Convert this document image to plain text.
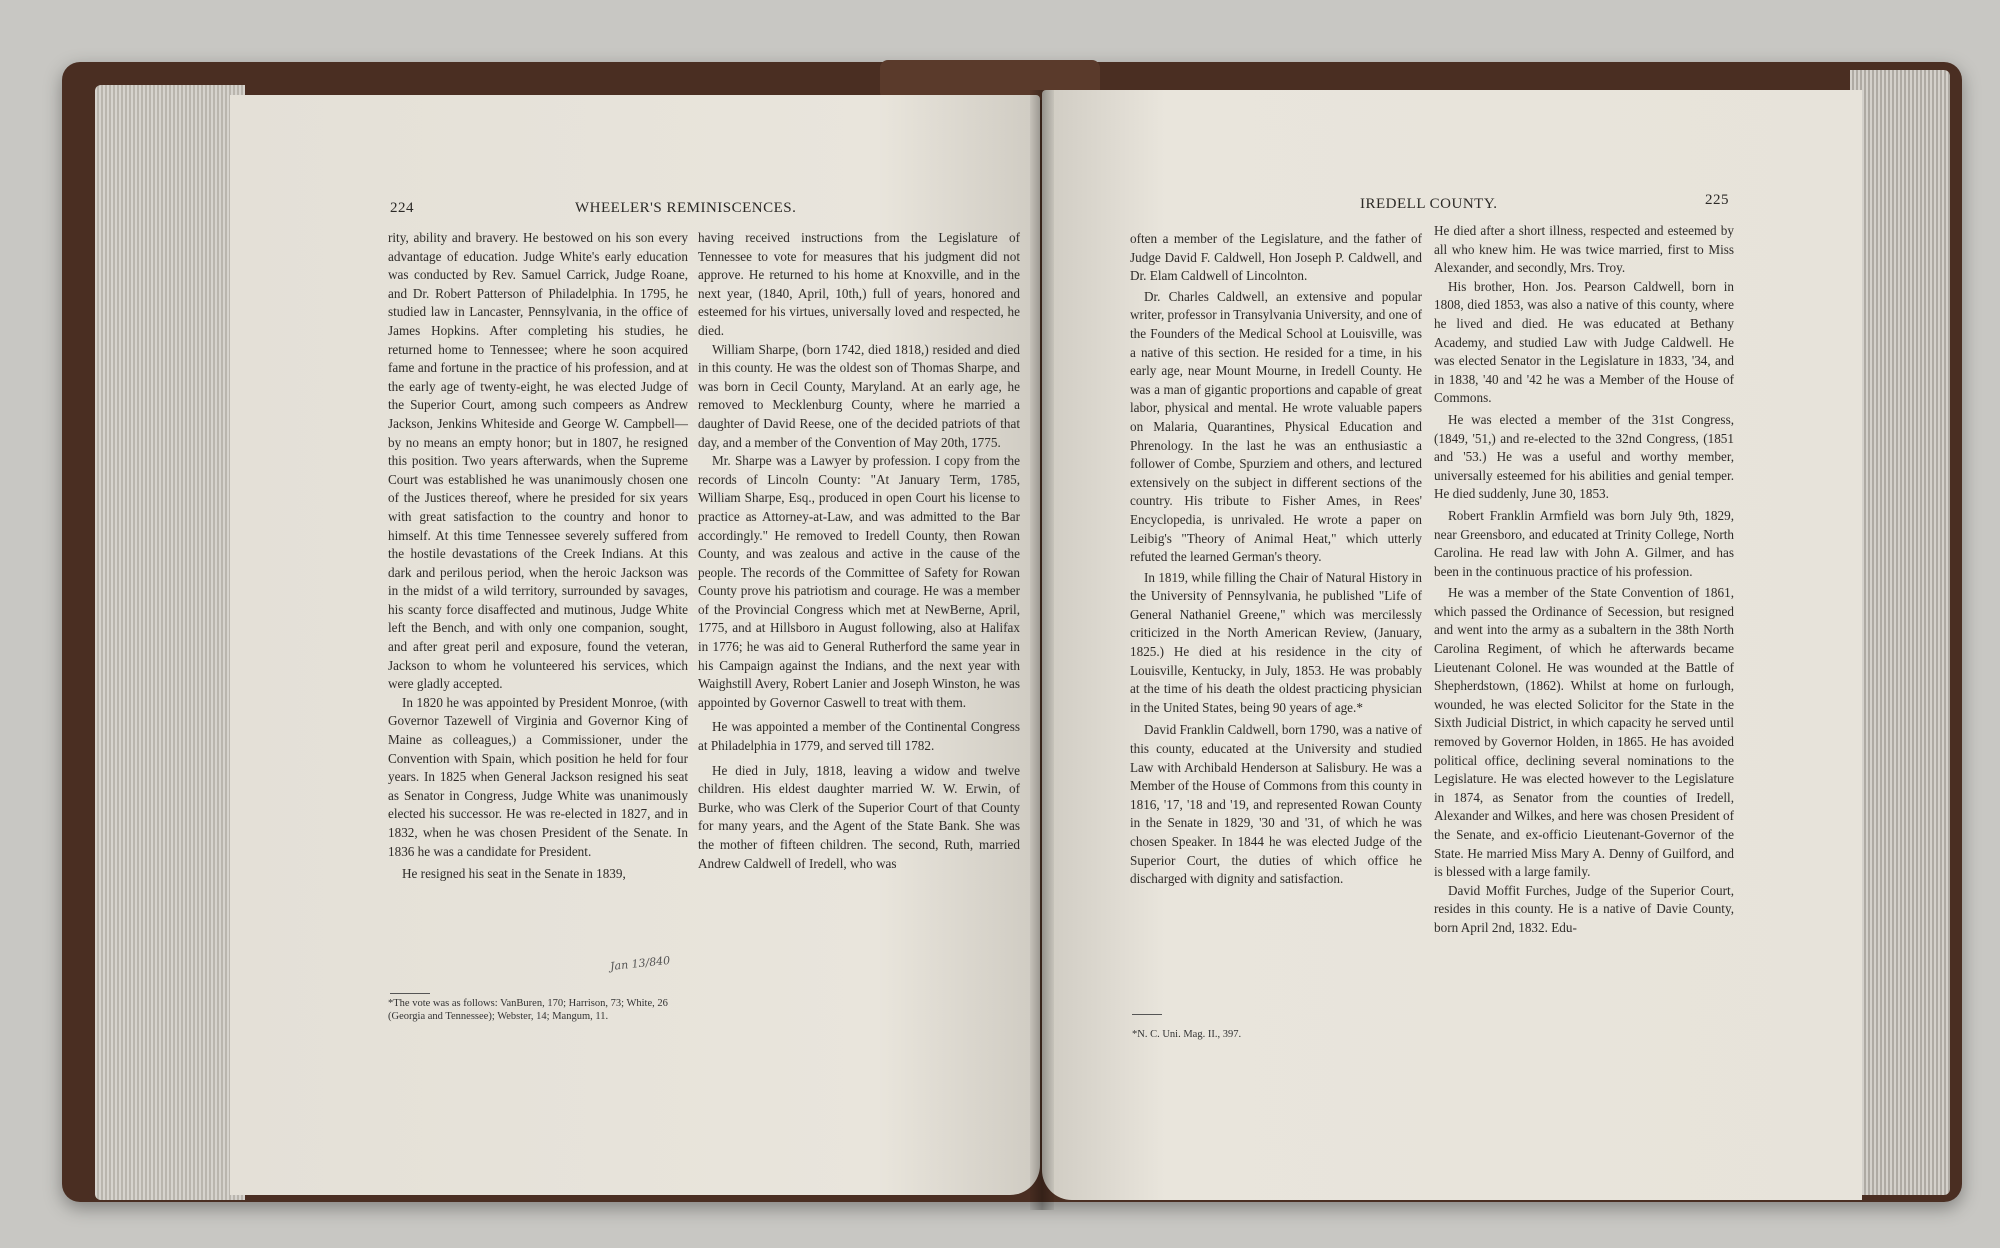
224	WHEELER'S REMINISCENCES.

rity, ability and bravery. He bestowed on his son every advantage of education. Judge White's early education was conducted by Rev. Samuel Carrick, Judge Roane, and Dr. Robert Patterson of Philadelphia. In 1795, he studied law in Lancaster, Pennsylvania, in the office of James Hopkins. After completing his studies, he returned home to Tennessee; where he soon acquired fame and fortune in the practice of his profession, and at the early age of twenty-eight, he was elected Judge of the Superior Court, among such compeers as Andrew Jackson, Jenkins Whiteside and George W. Campbell—by no means an empty honor; but in 1807, he resigned this position. Two years afterwards, when the Supreme Court was established he was unanimously chosen one of the Justices thereof, where he presided for six years with great satisfaction to the country and honor to himself. At this time Tennessee severely suffered from the hostile devastations of the Creek Indians. At this dark and perilous period, when the heroic Jackson was in the midst of a wild territory, surrounded by savages, his scanty force disaffected and mutinous, Judge White left the Bench, and with only one companion, sought, and after great peril and exposure, found the veteran, Jackson to whom he volunteered his services, which were gladly accepted.

In 1820 he was appointed by President Monroe, (with Governor Tazewell of Virginia and Governor King of Maine as colleagues,) a Commissioner, under the Convention with Spain, which position he held for four years. In 1825 when General Jackson resigned his seat as Senator in Congress, Judge White was unanimously elected his successor. He was re-elected in 1827, and in 1832, when he was chosen President of the Senate. In 1836 he was a candidate for President.

He resigned his seat in the Senate in 1839,

Jan 13/840
*The vote was as follows: VanBuren, 170; Harrison, 73; White, 26 (Georgia and Tennessee); Webster, 14; Mangum, 11.

having received instructions from the Legislature of Tennessee to vote for measures that his judgment did not approve. He returned to his home at Knoxville, and in the next year, (1840, April, 10th,) full of years, honored and esteemed for his virtues, universally loved and respected, he died.

William Sharpe, (born 1742, died 1818,) resided and died in this county. He was the oldest son of Thomas Sharpe, and was born in Cecil County, Maryland. At an early age, he removed to Mecklenburg County, where he married a daughter of David Reese, one of the decided patriots of that day, and a member of the Convention of May 20th, 1775.

Mr. Sharpe was a Lawyer by profession. I copy from the records of Lincoln County: "At January Term, 1785, William Sharpe, Esq., produced in open Court his license to practice as Attorney-at-Law, and was admitted to the Bar accordingly." He removed to Iredell County, then Rowan County, and was zealous and active in the cause of the people. The records of the Committee of Safety for Rowan County prove his patriotism and courage. He was a member of the Provincial Congress which met at NewBerne, April, 1775, and at Hillsboro in August following, also at Halifax in 1776; he was aid to General Rutherford the same year in his Campaign against the Indians, and the next year with Waighstill Avery, Robert Lanier and Joseph Winston, he was appointed by Governor Caswell to treat with them.

He was appointed a member of the Continental Congress at Philadelphia in 1779, and served till 1782.

He died in July, 1818, leaving a widow and twelve children. His eldest daughter married W. W. Erwin, of Burke, who was Clerk of the Superior Court of that County for many years, and the Agent of the State Bank. She was the mother of fifteen children. The second, Ruth, married Andrew Caldwell of Iredell, who was

IREDELL COUNTY.	225

often a member of the Legislature, and the father of Judge David F. Caldwell, Hon Joseph P. Caldwell, and Dr. Elam Caldwell of Lincolnton.

Dr. Charles Caldwell, an extensive and popular writer, professor in Transylvania University, and one of the Founders of the Medical School at Louisville, was a native of this section. He resided for a time, in his early age, near Mount Mourne, in Iredell County. He was a man of gigantic proportions and capable of great labor, physical and mental. He wrote valuable papers on Malaria, Quarantines, Physical Education and Phrenology. In the last he was an enthusiastic a follower of Combe, Spurziem and others, and lectured extensively on the subject in different sections of the country. His tribute to Fisher Ames, in Rees' Encyclopedia, is unrivaled. He wrote a paper on Leibig's "Theory of Animal Heat," which utterly refuted the learned German's theory.

In 1819, while filling the Chair of Natural History in the University of Pennsylvania, he published "Life of General Nathaniel Greene," which was mercilessly criticized in the North American Review, (January, 1825.) He died at his residence in the city of Louisville, Kentucky, in July, 1853. He was probably at the time of his death the oldest practicing physician in the United States, being 90 years of age.*

David Franklin Caldwell, born 1790, was a native of this county, educated at the University and studied Law with Archibald Henderson at Salisbury. He was a Member of the House of Commons from this county in 1816, '17, '18 and '19, and represented Rowan County in the Senate in 1829, '30 and '31, of which he was chosen Speaker. In 1844 he was elected Judge of the Superior Court, the duties of which office he discharged with dignity and satisfaction.

*N. C. Uni. Mag. II., 397.

He died after a short illness, respected and esteemed by all who knew him. He was twice married, first to Miss Alexander, and secondly, Mrs. Troy.

His brother, Hon. Jos. Pearson Caldwell, born in 1808, died 1853, was also a native of this county, where he lived and died. He was educated at Bethany Academy, and studied Law with Judge Caldwell. He was elected Senator in the Legislature in 1833, '34, and in 1838, '40 and '42 he was a Member of the House of Commons.

He was elected a member of the 31st Congress, (1849, '51,) and re-elected to the 32nd Congress, (1851 and '53.) He was a useful and worthy member, universally esteemed for his abilities and genial temper. He died suddenly, June 30, 1853.

Robert Franklin Armfield was born July 9th, 1829, near Greensboro, and educated at Trinity College, North Carolina. He read law with John A. Gilmer, and has been in the continuous practice of his profession.

He was a member of the State Convention of 1861, which passed the Ordinance of Secession, but resigned and went into the army as a subaltern in the 38th North Carolina Regiment, of which he afterwards became Lieutenant Colonel. He was wounded at the Battle of Shepherdstown, (1862). Whilst at home on furlough, wounded, he was elected Solicitor for the State in the Sixth Judicial District, in which capacity he served until removed by Governor Holden, in 1865. He has avoided political office, declining several nominations to the Legislature. He was elected however to the Legislature in 1874, as Senator from the counties of Iredell, Alexander and Wilkes, and here was chosen President of the Senate, and ex-officio Lieutenant-Governor of the State. He married Miss Mary A. Denny of Guilford, and is blessed with a large family.

David Moffit Furches, Judge of the Superior Court, resides in this county. He is a native of Davie County, born April 2nd, 1832. Edu-
